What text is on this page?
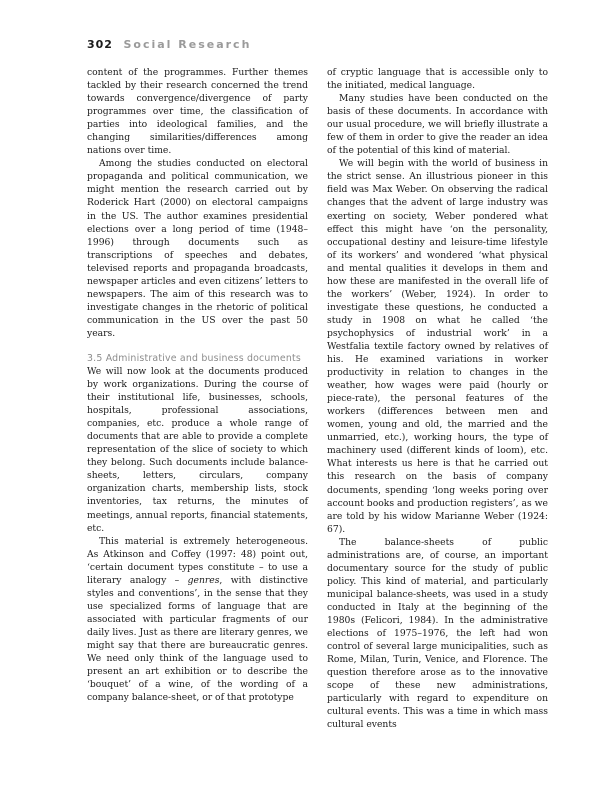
302 Social Research

content of the programmes. Further themes tackled by their research concerned the trend towards convergence/divergence of party programmes over time, the classification of parties into ideological families, and the changing similarities/differences among nations over time.

Among the studies conducted on electoral propaganda and political communication, we might mention the research carried out by Roderick Hart (2000) on electoral campaigns in the US. The author examines presidential elections over a long period of time (1948–1996) through documents such as transcriptions of speeches and debates, televised reports and propaganda broadcasts, newspaper articles and even citizens’ letters to newspapers. The aim of this research was to investigate changes in the rhetoric of political communication in the US over the past 50 years.

3.5 Administrative and business documents

We will now look at the documents produced by work organizations. During the course of their institutional life, businesses, schools, hospitals, professional associations, companies, etc. produce a whole range of documents that are able to provide a complete representation of the slice of society to which they belong. Such documents include balance-sheets, letters, circulars, company organization charts, membership lists, stock inventories, tax returns, the minutes of meetings, annual reports, financial statements, etc.

This material is extremely heterogeneous. As Atkinson and Coffey (1997: 48) point out, ‘certain document types constitute – to use a literary analogy – genres, with distinctive styles and conventions’, in the sense that they use specialized forms of language that are associated with particular fragments of our daily lives. Just as there are literary genres, we might say that there are bureaucratic genres. We need only think of the language used to present an art exhibition or to describe the ‘bouquet’ of a wine, of the wording of a company balance-sheet, or of that prototype

of cryptic language that is accessible only to the initiated, medical language.

Many studies have been conducted on the basis of these documents. In accordance with our usual procedure, we will briefly illustrate a few of them in order to give the reader an idea of the potential of this kind of material.

We will begin with the world of business in the strict sense. An illustrious pioneer in this field was Max Weber. On observing the radical changes that the advent of large industry was exerting on society, Weber pondered what effect this might have ‘on the personality, occupational destiny and leisure-time lifestyle of its workers’ and wondered ‘what physical and mental qualities it develops in them and how these are manifested in the overall life of the workers’ (Weber, 1924). In order to investigate these questions, he conducted a study in 1908 on what he called ‘the psychophysics of industrial work’ in a Westfalia textile factory owned by relatives of his. He examined variations in worker productivity in relation to changes in the weather, how wages were paid (hourly or piece-rate), the personal features of the workers (differences between men and women, young and old, the married and the unmarried, etc.), working hours, the type of machinery used (different kinds of loom), etc. What interests us here is that he carried out this research on the basis of company documents, spending ‘long weeks poring over account books and production registers’, as we are told by his widow Marianne Weber (1924: 67).

The balance-sheets of public administrations are, of course, an important documentary source for the study of public policy. This kind of material, and particularly municipal balance-sheets, was used in a study conducted in Italy at the beginning of the 1980s (Felicori, 1984). In the administrative elections of 1975–1976, the left had won control of several large municipalities, such as Rome, Milan, Turin, Venice, and Florence. The question therefore arose as to the innovative scope of these new administrations, particularly with regard to expenditure on cultural events. This was a time in which mass cultural events
